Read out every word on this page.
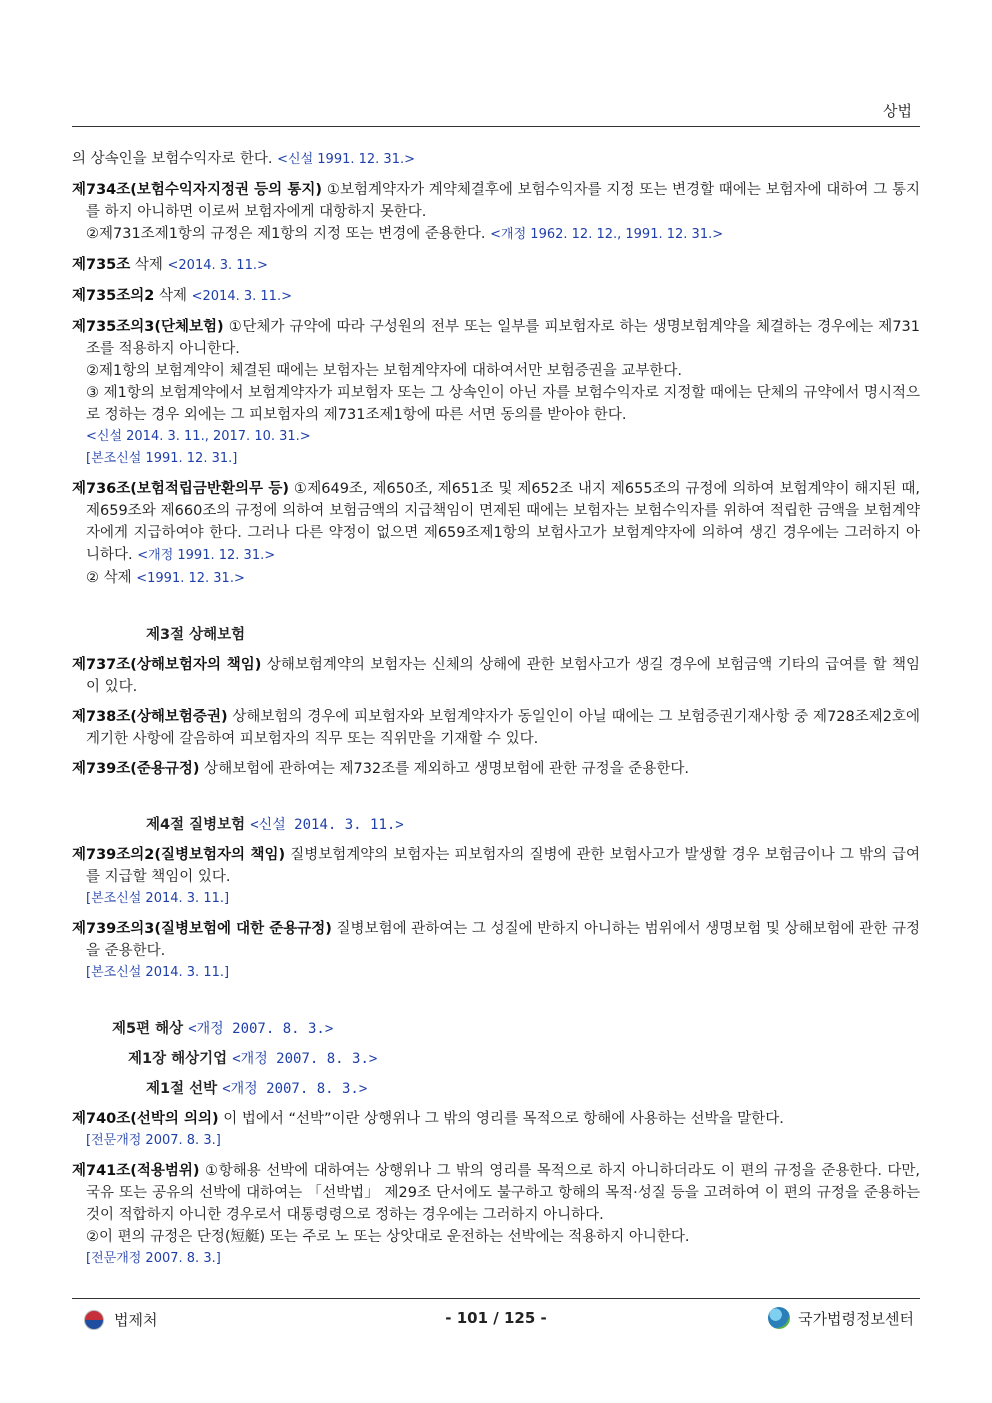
상법
의 상속인을 보험수익자로 한다. <신설 1991. 12. 31.>
제734조(보험수익자지정권 등의 통지) ①보험계약자가 계약체결후에 보험수익자를 지정 또는 변경할 때에는 보험자에 대하여 그 통지를 하지 아니하면 이로써 보험자에게 대항하지 못한다.
②제731조제1항의 규정은 제1항의 지정 또는 변경에 준용한다. <개정 1962. 12. 12., 1991. 12. 31.>
제735조 삭제 <2014. 3. 11.>
제735조의2 삭제 <2014. 3. 11.>
제735조의3(단체보험) ①단체가 규약에 따라 구성원의 전부 또는 일부를 피보험자로 하는 생명보험계약을 체결하는 경우에는 제731조를 적용하지 아니한다.
②제1항의 보험계약이 체결된 때에는 보험자는 보험계약자에 대하여서만 보험증권을 교부한다.
③ 제1항의 보험계약에서 보험계약자가 피보험자 또는 그 상속인이 아닌 자를 보험수익자로 지정할 때에는 단체의 규약에서 명시적으로 정하는 경우 외에는 그 피보험자의 제731조제1항에 따른 서면 동의를 받아야 한다.
<신설 2014. 3. 11., 2017. 10. 31.>
[본조신설 1991. 12. 31.]
제736조(보험적립금반환의무 등) ①제649조, 제650조, 제651조 및 제652조 내지 제655조의 규정에 의하여 보험계약이 해지된 때, 제659조와 제660조의 규정에 의하여 보험금액의 지급책임이 면제된 때에는 보험자는 보험수익자를 위하여 적립한 금액을 보험계약자에게 지급하여야 한다. 그러나 다른 약정이 없으면 제659조제1항의 보험사고가 보험계약자에 의하여 생긴 경우에는 그러하지 아니하다. <개정 1991. 12. 31.>
② 삭제 <1991. 12. 31.>
제3절 상해보험
제737조(상해보험자의 책임) 상해보험계약의 보험자는 신체의 상해에 관한 보험사고가 생길 경우에 보험금액 기타의 급여를 할 책임이 있다.
제738조(상해보험증권) 상해보험의 경우에 피보험자와 보험계약자가 동일인이 아닐 때에는 그 보험증권기재사항 중 제728조제2호에 게기한 사항에 갈음하여 피보험자의 직무 또는 직위만을 기재할 수 있다.
제739조(준용규정) 상해보험에 관하여는 제732조를 제외하고 생명보험에 관한 규정을 준용한다.
제4절 질병보험 <신설 2014. 3. 11.>
제739조의2(질병보험자의 책임) 질병보험계약의 보험자는 피보험자의 질병에 관한 보험사고가 발생할 경우 보험금이나 그 밖의 급여를 지급할 책임이 있다.
[본조신설 2014. 3. 11.]
제739조의3(질병보험에 대한 준용규정) 질병보험에 관하여는 그 성질에 반하지 아니하는 범위에서 생명보험 및 상해보험에 관한 규정을 준용한다.
[본조신설 2014. 3. 11.]
제5편 해상 <개정 2007. 8. 3.>
제1장 해상기업 <개정 2007. 8. 3.>
제1절 선박 <개정 2007. 8. 3.>
제740조(선박의 의의) 이 법에서 “선박”이란 상행위나 그 밖의 영리를 목적으로 항해에 사용하는 선박을 말한다.
[전문개정 2007. 8. 3.]
제741조(적용범위) ①항해용 선박에 대하여는 상행위나 그 밖의 영리를 목적으로 하지 아니하더라도 이 편의 규정을 준용한다. 다만, 국유 또는 공유의 선박에 대하여는 「선박법」 제29조 단서에도 불구하고 항해의 목적·성질 등을 고려하여 이 편의 규정을 준용하는 것이 적합하지 아니한 경우로서 대통령령으로 정하는 경우에는 그러하지 아니하다.
②이 편의 규정은 단정(短艇) 또는 주로 노 또는 상앗대로 운전하는 선박에는 적용하지 아니한다.
[전문개정 2007. 8. 3.]
법제처	- 101 / 125 -	국가법령정보센터
